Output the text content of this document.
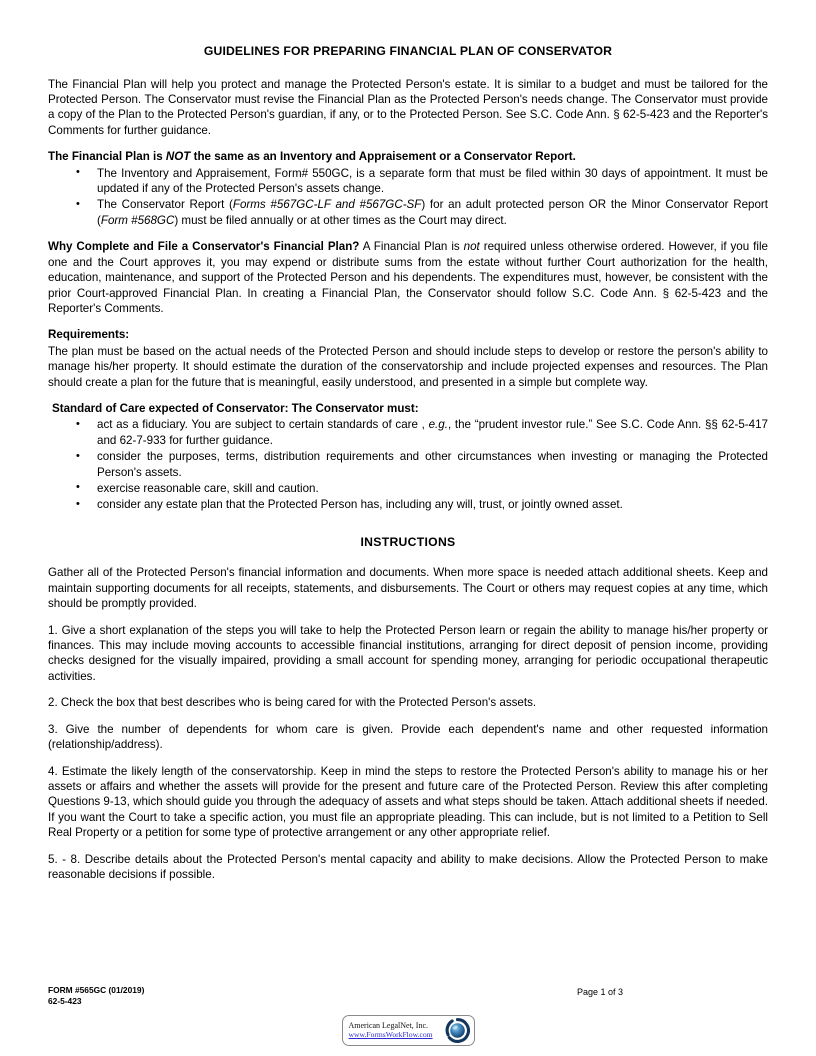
GUIDELINES FOR PREPARING FINANCIAL PLAN OF CONSERVATOR

The Financial Plan will help you protect and manage the Protected Person's estate. It is similar to a budget and must be tailored for the Protected Person. The Conservator must revise the Financial Plan as the Protected Person's needs change. The Conservator must provide a copy of the Plan to the Protected Person's guardian, if any, or to the Protected Person. See S.C. Code Ann. § 62-5-423 and the Reporter's Comments for further guidance.

The Financial Plan is NOT the same as an Inventory and Appraisement or a Conservator Report.

• The Inventory and Appraisement, Form# 550GC, is a separate form that must be filed within 30 days of appointment. It must be updated if any of the Protected Person's assets change.
• The Conservator Report (Forms #567GC-LF and #567GC-SF) for an adult protected person OR the Minor Conservator Report (Form #568GC) must be filed annually or at other times as the Court may direct.

Why Complete and File a Conservator's Financial Plan? A Financial Plan is not required unless otherwise ordered. However, if you file one and the Court approves it, you may expend or distribute sums from the estate without further Court authorization for the health, education, maintenance, and support of the Protected Person and his dependents. The expenditures must, however, be consistent with the prior Court-approved Financial Plan. In creating a Financial Plan, the Conservator should follow S.C. Code Ann. § 62-5-423 and the Reporter's Comments.

Requirements:

The plan must be based on the actual needs of the Protected Person and should include steps to develop or restore the person's ability to manage his/her property. It should estimate the duration of the conservatorship and include projected expenses and resources. The Plan should create a plan for the future that is meaningful, easily understood, and presented in a simple but complete way.

Standard of Care expected of Conservator: The Conservator must:
• act as a fiduciary. You are subject to certain standards of care , e.g., the “prudent investor rule.” See S.C. Code Ann. §§ 62-5-417 and 62-7-933 for further guidance.
• consider the purposes, terms, distribution requirements and other circumstances when investing or managing the Protected Person's assets.
• exercise reasonable care, skill and caution.
• consider any estate plan that the Protected Person has, including any will, trust, or jointly owned asset.
INSTRUCTIONS

Gather all of the Protected Person's financial information and documents. When more space is needed attach additional sheets. Keep and maintain supporting documents for all receipts, statements, and disbursements. The Court or others may request copies at any time, which should be promptly provided.

1. Give a short explanation of the steps you will take to help the Protected Person learn or regain the ability to manage his/her property or finances. This may include moving accounts to accessible financial institutions, arranging for direct deposit of pension income, providing checks designed for the visually impaired, providing a small account for spending money, arranging for periodic occupational therapeutic activities.

2. Check the box that best describes who is being cared for with the Protected Person's assets.

3. Give the number of dependents for whom care is given. Provide each dependent's name and other requested information (relationship/address).

4. Estimate the likely length of the conservatorship. Keep in mind the steps to restore the Protected Person's ability to manage his or her assets or affairs and whether the assets will provide for the present and future care of the Protected Person. Review this after completing Questions 9-13, which should guide you through the adequacy of assets and what steps should be taken. Attach additional sheets if needed. If you want the Court to take a specific action, you must file an appropriate pleading. This can include, but is not limited to a Petition to Sell Real Property or a petition for some type of protective arrangement or any other appropriate relief.

5. - 8. Describe details about the Protected Person's mental capacity and ability to make decisions. Allow the Protected Person to make reasonable decisions if possible.

FORM #565GC (01/2019)
62-5-423
Page 1 of 3
American LegalNet, Inc.
www.FormsWorkFlow.com
